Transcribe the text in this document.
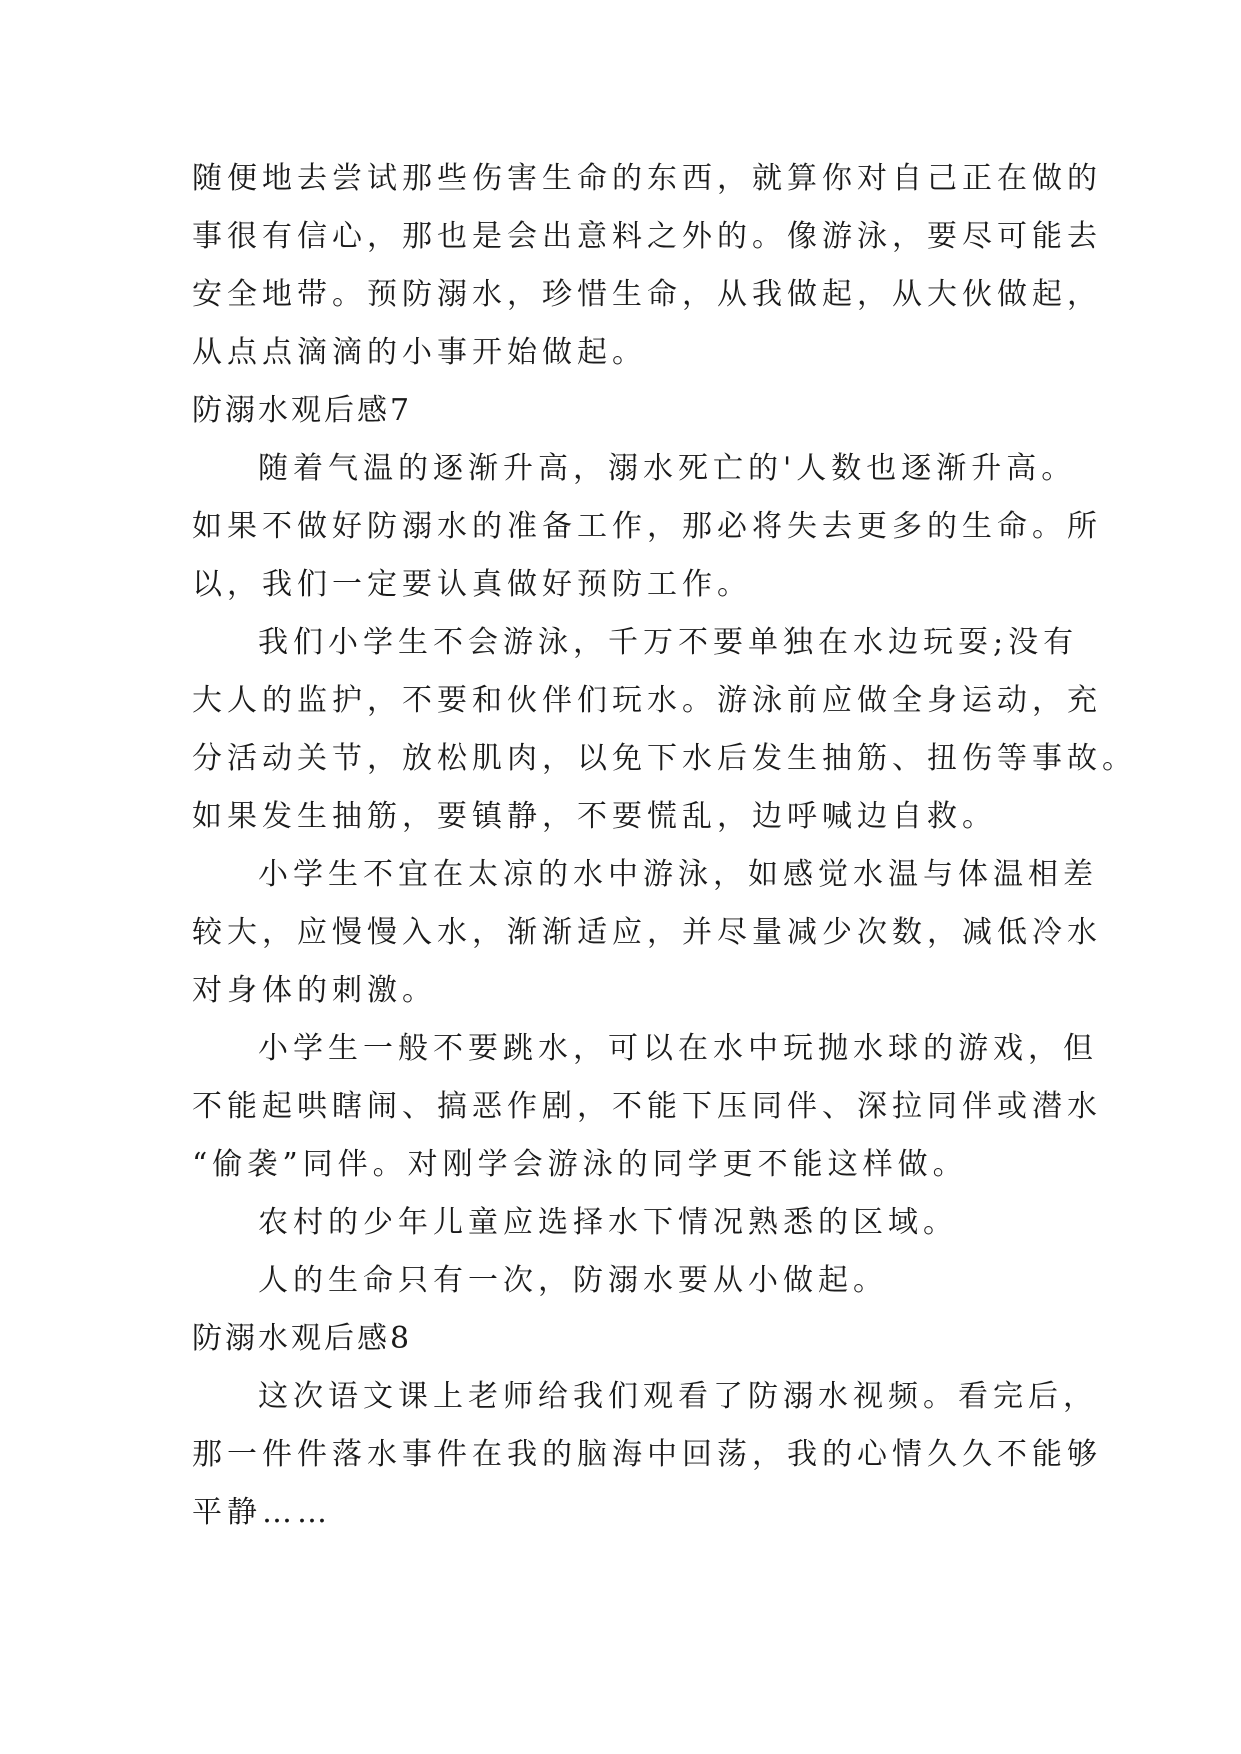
随便地去尝试那些伤害生命的东西，就算你对自己正在做的
事很有信心，那也是会出意料之外的。像游泳，要尽可能去
安全地带。预防溺水，珍惜生命，从我做起，从大伙做起，
从点点滴滴的小事开始做起。
防溺水观后感7
随着气温的逐渐升高，溺水死亡的'人数也逐渐升高。
如果不做好防溺水的准备工作，那必将失去更多的生命。所
以，我们一定要认真做好预防工作。
我们小学生不会游泳，千万不要单独在水边玩耍;没有
大人的监护，不要和伙伴们玩水。游泳前应做全身运动，充
分活动关节，放松肌肉，以免下水后发生抽筋、扭伤等事故。
如果发生抽筋，要镇静，不要慌乱，边呼喊边自救。
小学生不宜在太凉的水中游泳，如感觉水温与体温相差
较大，应慢慢入水，渐渐适应，并尽量减少次数，减低冷水
对身体的刺激。
小学生一般不要跳水，可以在水中玩抛水球的游戏，但
不能起哄瞎闹、搞恶作剧，不能下压同伴、深拉同伴或潜水
“偷袭”同伴。对刚学会游泳的同学更不能这样做。
农村的少年儿童应选择水下情况熟悉的区域。
人的生命只有一次，防溺水要从小做起。
防溺水观后感8
这次语文课上老师给我们观看了防溺水视频。看完后，
那一件件落水事件在我的脑海中回荡，我的心情久久不能够
平静……
